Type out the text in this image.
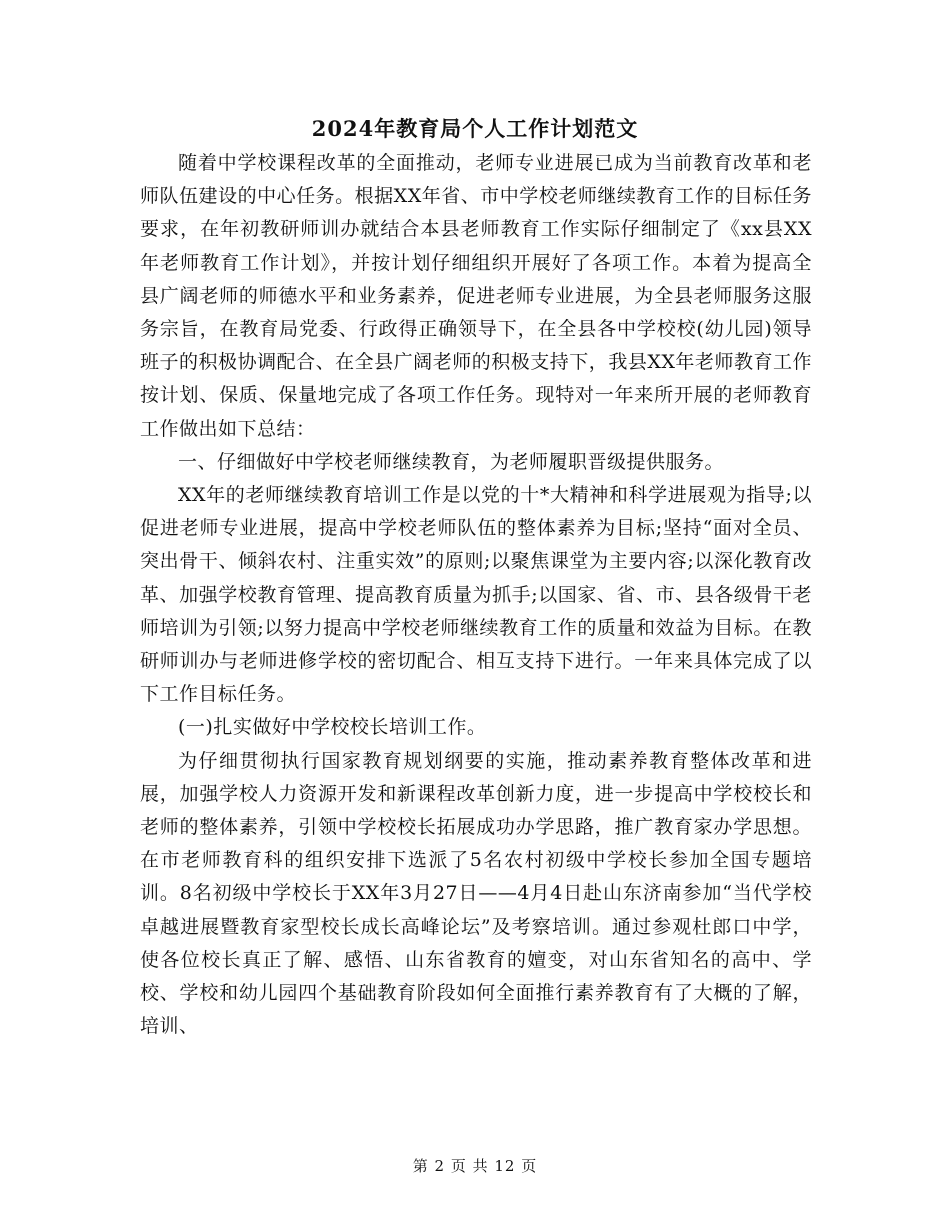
2024年教育局个人工作计划范文

随着中学校课程改革的全面推动，老师专业进展已成为当前教育改革和老师队伍建设的中心任务。根据XX年省、市中学校老师继续教育工作的目标任务要求，在年初教研师训办就结合本县老师教育工作实际仔细制定了《xx县XX年老师教育工作计划》，并按计划仔细组织开展好了各项工作。本着为提高全县广阔老师的师德水平和业务素养，促进老师专业进展，为全县老师服务这服务宗旨，在教育局党委、行政得正确领导下，在全县各中学校校(幼儿园)领导班子的积极协调配合、在全县广阔老师的积极支持下，我县XX年老师教育工作按计划、保质、保量地完成了各项工作任务。现特对一年来所开展的老师教育工作做出如下总结：

一、仔细做好中学校老师继续教育，为老师履职晋级提供服务。

XX年的老师继续教育培训工作是以党的十*大精神和科学进展观为指导;以促进老师专业进展，提高中学校老师队伍的整体素养为目标;坚持“面对全员、突出骨干、倾斜农村、注重实效”的原则;以聚焦课堂为主要内容;以深化教育改革、加强学校教育管理、提高教育质量为抓手;以国家、省、市、县各级骨干老师培训为引领;以努力提高中学校老师继续教育工作的质量和效益为目标。在教研师训办与老师进修学校的密切配合、相互支持下进行。一年来具体完成了以下工作目标任务。

(一)扎实做好中学校校长培训工作。

为仔细贯彻执行国家教育规划纲要的实施，推动素养教育整体改革和进展，加强学校人力资源开发和新课程改革创新力度，进一步提高中学校校长和老师的整体素养，引领中学校校长拓展成功办学思路，推广教育家办学思想。在市老师教育科的组织安排下选派了5名农村初级中学校长参加全国专题培训。8名初级中学校长于XX年3月27日——4月4日赴山东济南参加“当代学校卓越进展暨教育家型校长成长高峰论坛”及考察培训。通过参观杜郎口中学，使各位校长真正了解、感悟、山东省教育的嬗变，对山东省知名的高中、学校、学校和幼儿园四个基础教育阶段如何全面推行素养教育有了大概的了解，培训、

第 2 页 共 12 页
